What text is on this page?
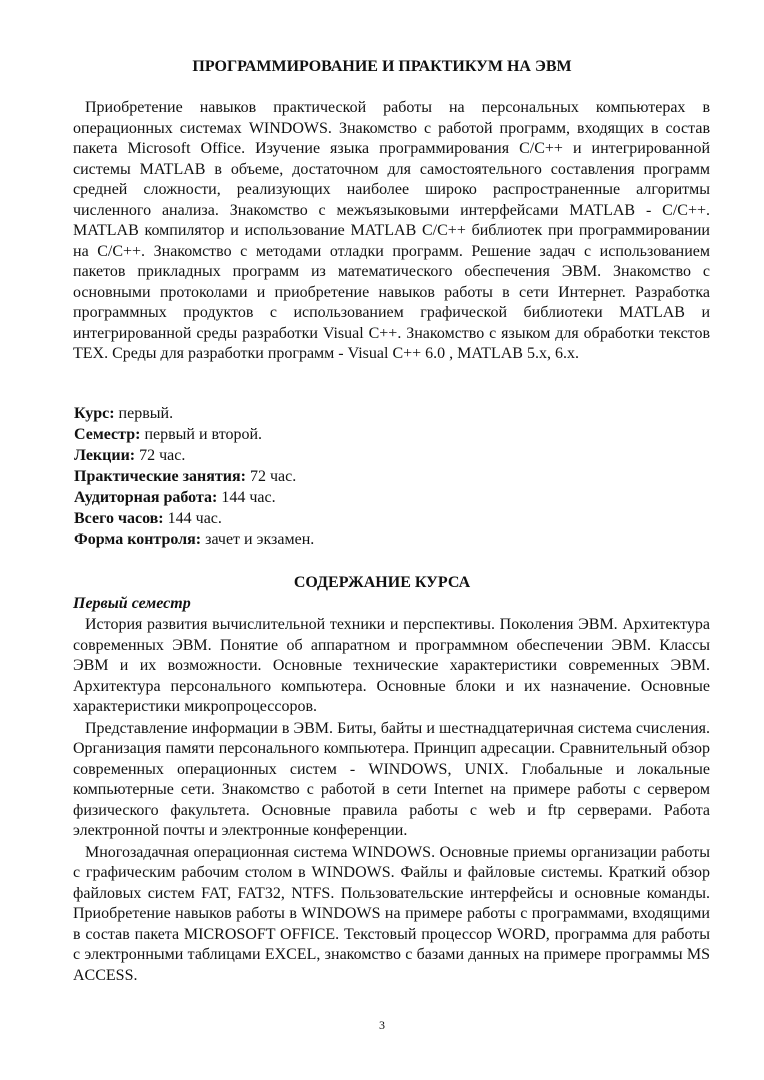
ПРОГРАММИРОВАНИЕ И ПРАКТИКУМ НА ЭВМ

Приобретение навыков практической работы на персональных компьютерах в операционных системах WINDOWS. Знакомство с работой программ, входящих в состав пакета Microsoft Office. Изучение языка программирования С/С++ и интегрированной системы MATLAB в объеме, достаточном для самостоятельного составления программ средней сложности, реализующих наиболее широко распространенные алгоритмы численного анализа. Знакомство с межъязыковыми интерфейсами MATLAB - С/С++. MATLAB компилятор и использование MATLAB С/С++ библиотек при программировании на С/С++. Знакомство с методами отладки программ. Решение задач с использованием пакетов прикладных программ из математического обеспечения ЭВМ. Знакомство с основными протоколами и приобретение навыков работы в сети Интернет. Разработка программных продуктов с использованием графической библиотеки MATLAB и интегрированной среды разработки Visual C++. Знакомство с языком для обработки текстов TEX. Среды для разработки программ - Visual C++ 6.0 , MATLAB 5.x, 6.x.

Курс: первый.
Семестр: первый и второй.
Лекции: 72 час.
Практические занятия: 72 час.
Аудиторная работа: 144 час.
Всего часов: 144 час.
Форма контроля: зачет и экзамен.
СОДЕРЖАНИЕ КУРСА
Первый семестр

История развития вычислительной техники и перспективы. Поколения ЭВМ. Архитектура современных ЭВМ. Понятие об аппаратном и программном обеспечении ЭВМ. Классы ЭВМ и их возможности. Основные технические характеристики современных ЭВМ. Архитектура персонального компьютера. Основные блоки и их назначение. Основные характеристики микропроцессоров.

Представление информации в ЭВМ. Биты, байты и шестнадцатеричная система счисления. Организация памяти персонального компьютера. Принцип адресации. Сравнительный обзор современных операционных систем - WINDOWS, UNIX. Глобальные и локальные компьютерные сети. Знакомство с работой в сети Internet на примере работы с сервером физического факультета. Основные правила работы с web и ftp серверами. Работа электронной почты и электронные конференции.

Многозадачная операционная система WINDOWS. Основные приемы организации работы с графическим рабочим столом в WINDOWS. Файлы и файловые системы. Краткий обзор файловых систем FAT, FAT32, NTFS. Пользовательские интерфейсы и основные команды. Приобретение навыков работы в WINDOWS на примере работы с программами, входящими в состав пакета MICROSOFT OFFICE. Текстовый процессор WORD, программа для работы с электронными таблицами EXCEL, знакомство с базами данных на примере программы MS ACCESS.

3
